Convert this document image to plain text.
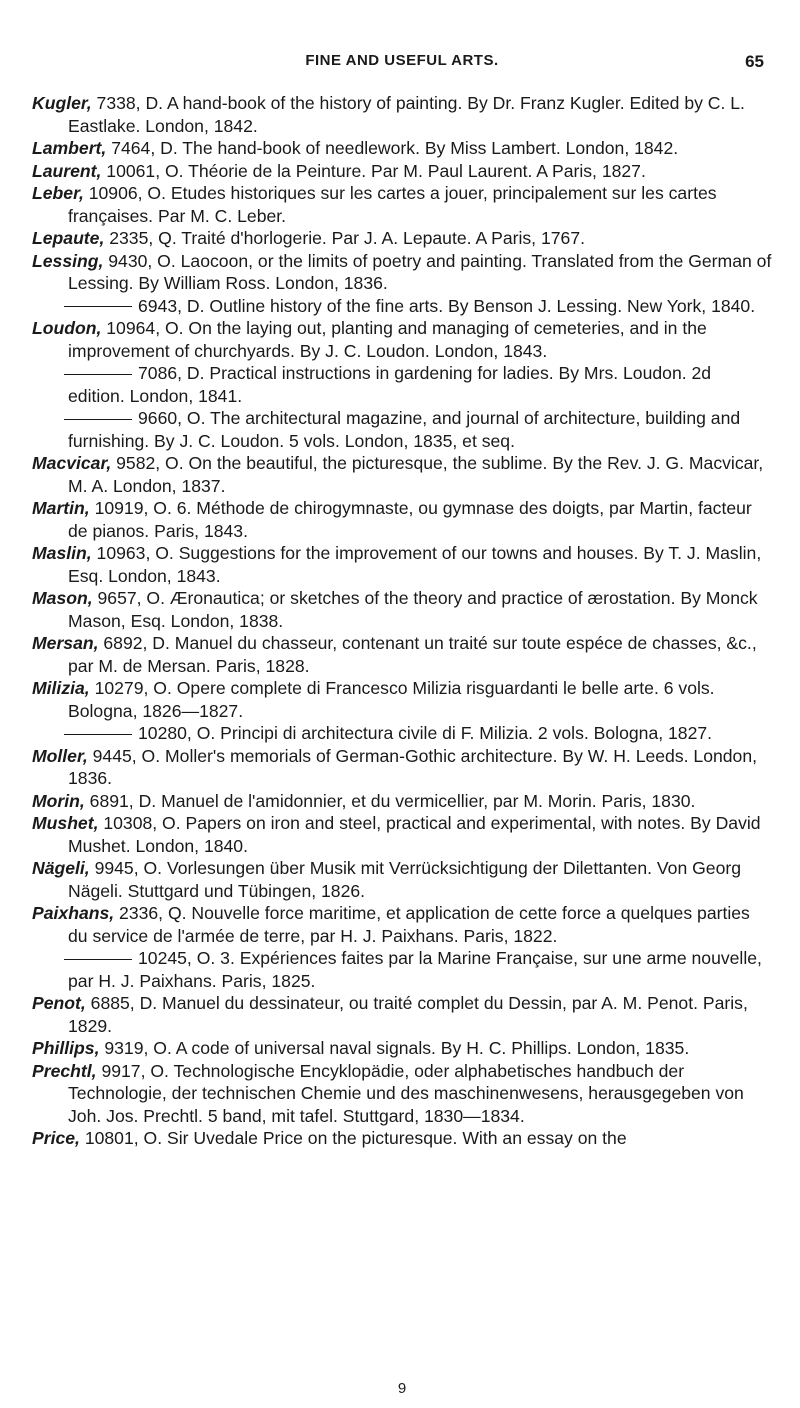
FINE AND USEFUL ARTS.	65

Kugler, 7338, D. A hand-book of the history of painting. By Dr. Franz Kugler. Edited by C. L. Eastlake. London, 1842.

Lambert, 7464, D. The hand-book of needlework. By Miss Lambert. London, 1842.

Laurent, 10061, O. Théorie de la Peinture. Par M. Paul Laurent. A Paris, 1827.

Leber, 10906, O. Etudes historiques sur les cartes a jouer, principalement sur les cartes françaises. Par M. C. Leber.

Lepaute, 2335, Q. Traité d'horlogerie. Par J. A. Lepaute. A Paris, 1767.

Lessing, 9430, O. Laocoon, or the limits of poetry and painting. Translated from the German of Lessing. By William Ross. London, 1836.

6943, D. Outline history of the fine arts. By Benson J. Lessing. New York, 1840.

Loudon, 10964, O. On the laying out, planting and managing of cemeteries, and in the improvement of churchyards. By J. C. Loudon. London, 1843.

7086, D. Practical instructions in gardening for ladies. By Mrs. Loudon. 2d edition. London, 1841.

9660, O. The architectural magazine, and journal of architecture, building and furnishing. By J. C. Loudon. 5 vols. London, 1835, et seq.

Macvicar, 9582, O. On the beautiful, the picturesque, the sublime. By the Rev. J. G. Macvicar, M. A. London, 1837.

Martin, 10919, O. 6. Méthode de chirogymnaste, ou gymnase des doigts, par Martin, facteur de pianos. Paris, 1843.

Maslin, 10963, O. Suggestions for the improvement of our towns and houses. By T. J. Maslin, Esq. London, 1843.

Mason, 9657, O. Æronautica; or sketches of the theory and practice of ærostation. By Monck Mason, Esq. London, 1838.

Mersan, 6892, D. Manuel du chasseur, contenant un traité sur toute espéce de chasses, &c., par M. de Mersan. Paris, 1828.

Milizia, 10279, O. Opere complete di Francesco Milizia risguardanti le belle arte. 6 vols. Bologna, 1826—1827.

10280, O. Principi di architectura civile di F. Milizia. 2 vols. Bologna, 1827.

Moller, 9445, O. Moller's memorials of German-Gothic architecture. By W. H. Leeds. London, 1836.

Morin, 6891, D. Manuel de l'amidonnier, et du vermicellier, par M. Morin. Paris, 1830.

Mushet, 10308, O. Papers on iron and steel, practical and experimental, with notes. By David Mushet. London, 1840.

Nägeli, 9945, O. Vorlesungen über Musik mit Verrücksichtigung der Dilettanten. Von Georg Nägeli. Stuttgard und Tübingen, 1826.

Paixhans, 2336, Q. Nouvelle force maritime, et application de cette force a quelques parties du service de l'armée de terre, par H. J. Paixhans. Paris, 1822.

10245, O. 3. Expériences faites par la Marine Française, sur une arme nouvelle, par H. J. Paixhans. Paris, 1825.

Penot, 6885, D. Manuel du dessinateur, ou traité complet du Dessin, par A. M. Penot. Paris, 1829.

Phillips, 9319, O. A code of universal naval signals. By H. C. Phillips. London, 1835.

Prechtl, 9917, O. Technologische Encyklopädie, oder alphabetisches handbuch der Technologie, der technischen Chemie und des maschinenwesens, herausgegeben von Joh. Jos. Prechtl. 5 band, mit tafel. Stuttgard, 1830—1834.

Price, 10801, O. Sir Uvedale Price on the picturesque. With an essay on the

9
